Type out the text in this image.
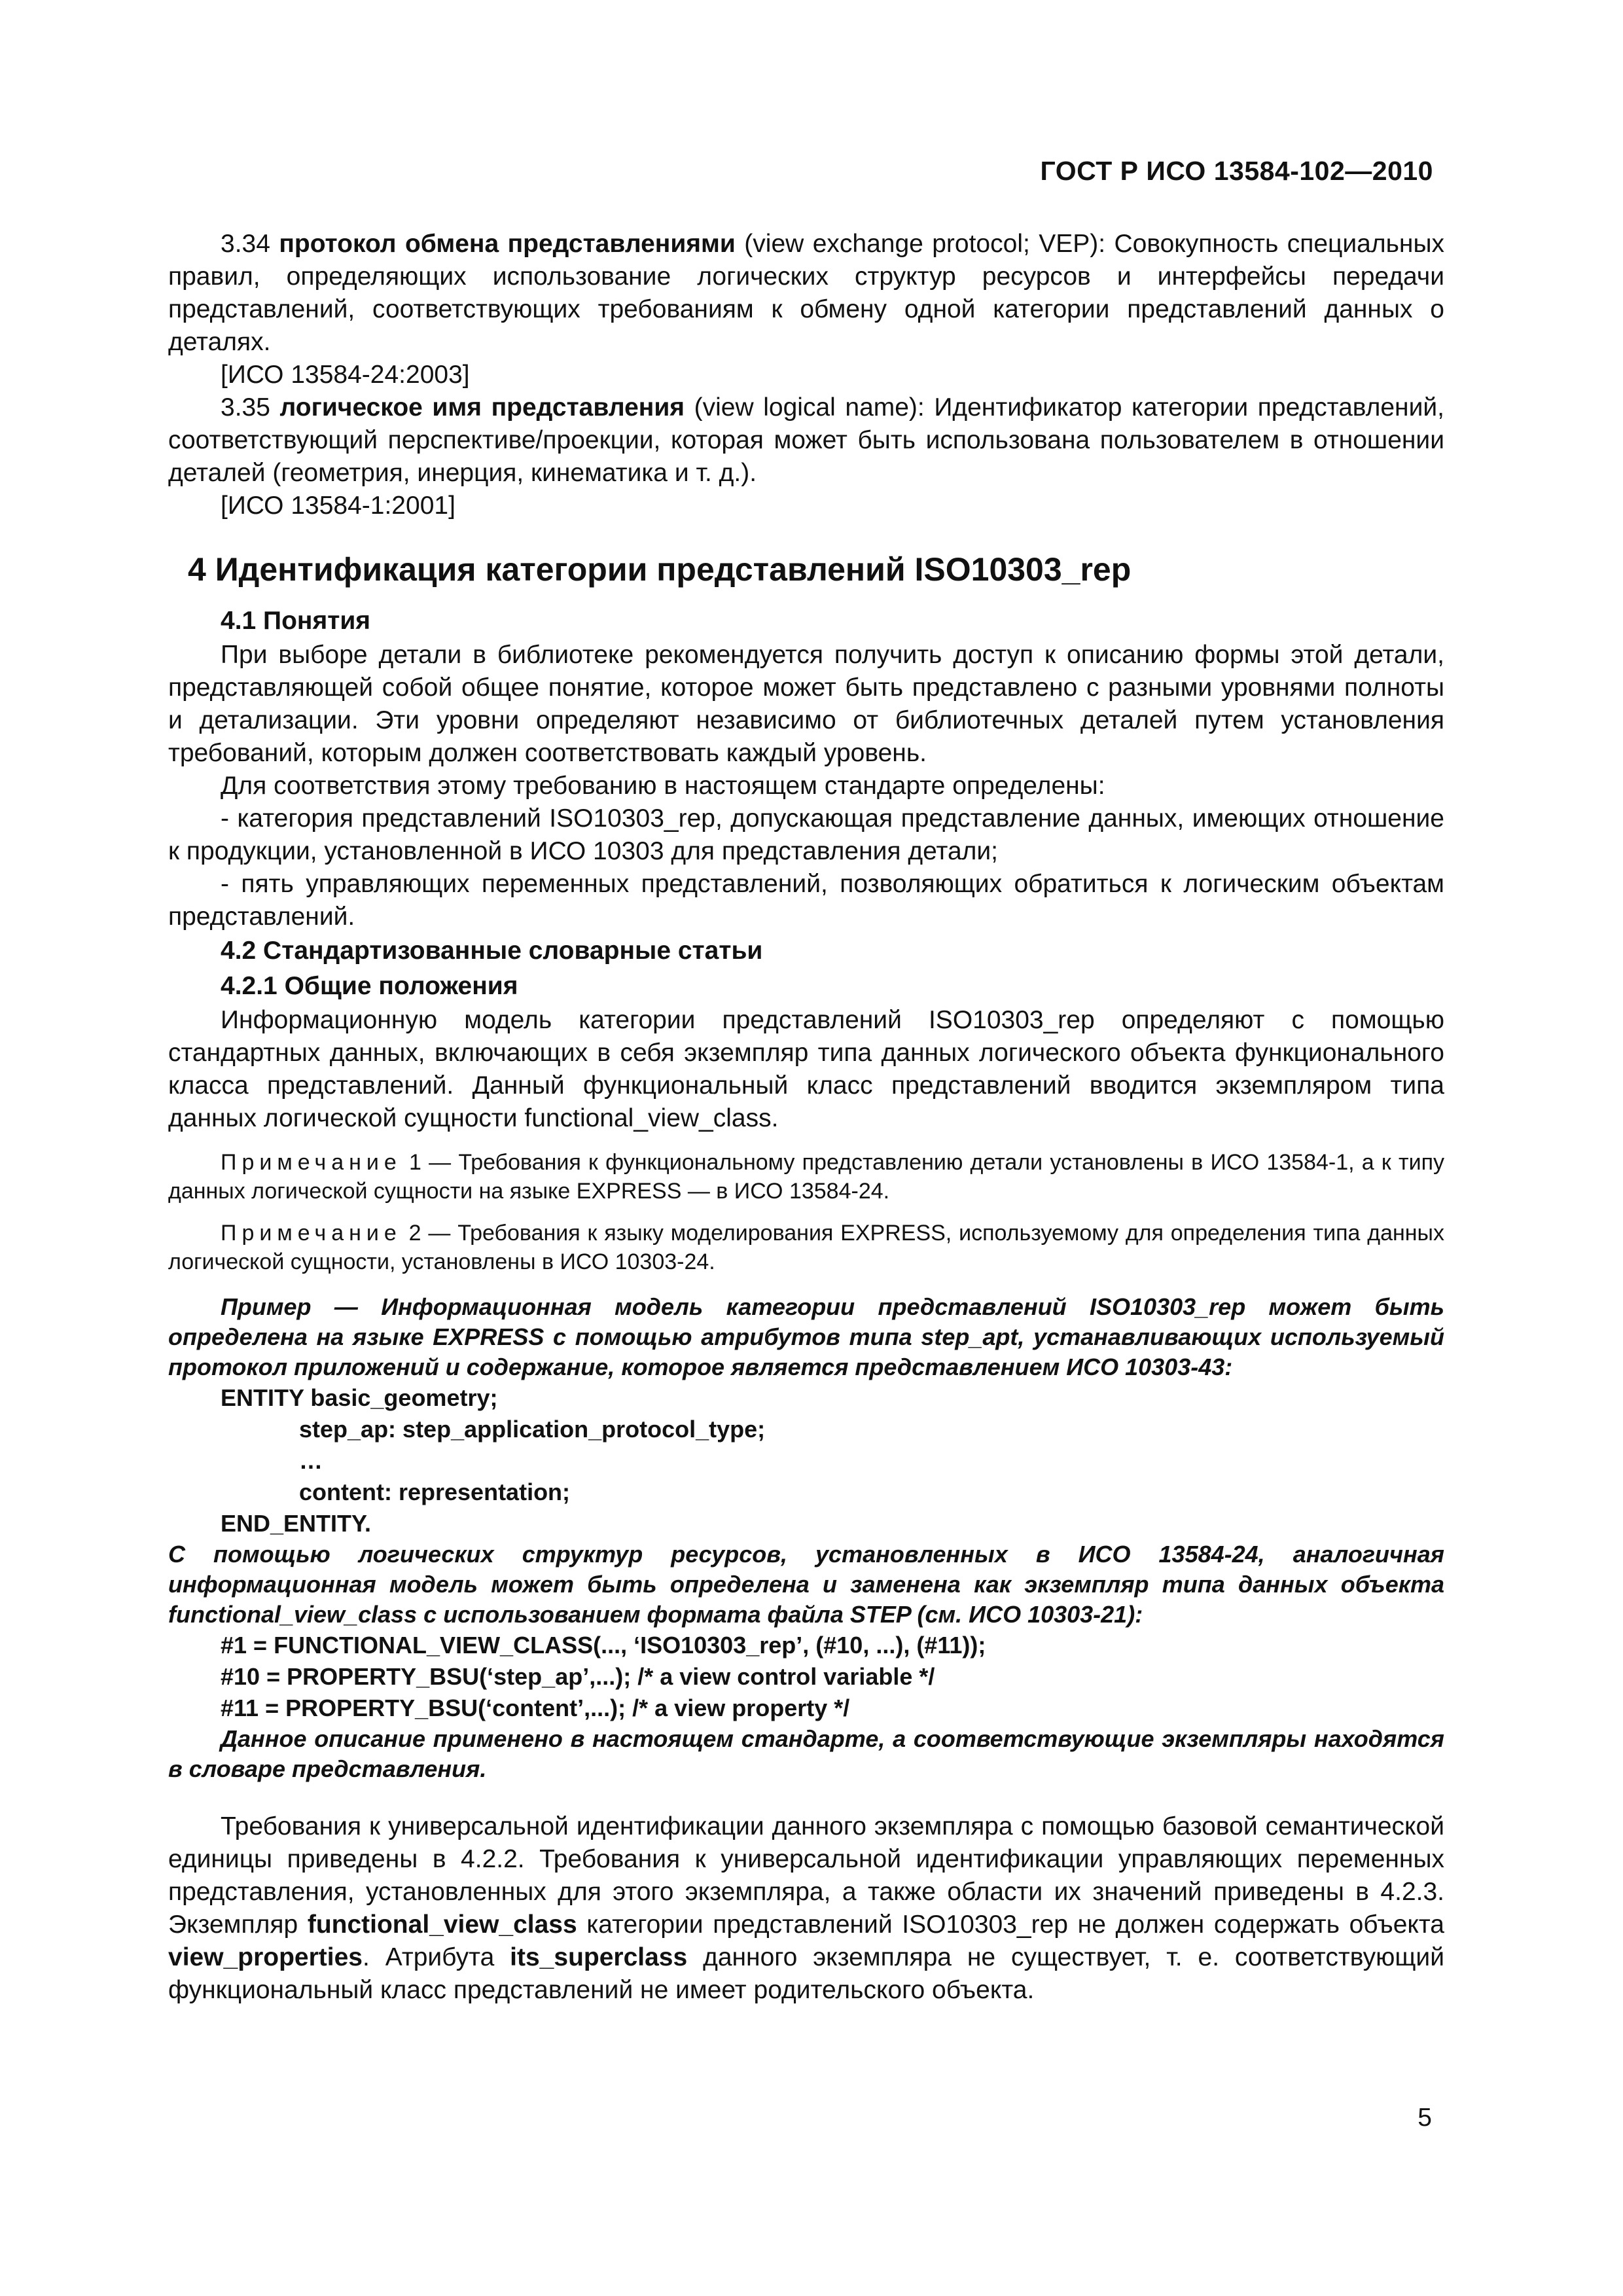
ГОСТ Р ИСО 13584-102—2010

3.34 протокол обмена представлениями (view exchange protocol; VEP): Совокупность специальных правил, определяющих использование логических структур ресурсов и интерфейсы передачи представлений, соответствующих требованиям к обмену одной категории представлений данных о деталях.

[ИСО 13584-24:2003]

3.35 логическое имя представления (view logical name): Идентификатор категории представлений, соответствующий перспективе/проекции, которая может быть использована пользователем в отношении деталей (геометрия, инерция, кинематика и т. д.).

[ИСО 13584-1:2001]

4 Идентификация категории представлений ISO10303_rep
4.1 Понятия

При выборе детали в библиотеке рекомендуется получить доступ к описанию формы этой детали, представляющей собой общее понятие, которое может быть представлено с разными уровнями полноты и детализации. Эти уровни определяют независимо от библиотечных деталей путем установления требований, которым должен соответствовать каждый уровень.

Для соответствия этому требованию в настоящем стандарте определены:

- категория представлений ISO10303_rep, допускающая представление данных, имеющих отношение к продукции, установленной в ИСО 10303 для представления детали;

- пять управляющих переменных представлений, позволяющих обратиться к логическим объектам представлений.

4.2 Стандартизованные словарные статьи
4.2.1 Общие положения

Информационную модель категории представлений ISO10303_rep определяют с помощью стандартных данных, включающих в себя экземпляр типа данных логического объекта функционального класса представлений. Данный функциональный класс представлений вводится экземпляром типа данных логической сущности functional_view_class.

Примечание 1 — Требования к функциональному представлению детали установлены в ИСО 13584-1, а к типу данных логической сущности на языке EXPRESS — в ИСО 13584-24.

Примечание 2 — Требования к языку моделирования EXPRESS, используемому для определения типа данных логической сущности, установлены в ИСО 10303-24.

Пример — Информационная модель категории представлений ISO10303_rep может быть определена на языке EXPRESS с помощью атрибутов типа step_apt, устанавливающих используемый протокол приложений и содержание, которое является представлением ИСО 10303-43:

ENTITY basic_geometry;
step_ap: step_application_protocol_type;
…
content: representation;
END_ENTITY.

С помощью логических структур ресурсов, установленных в ИСО 13584-24, аналогичная информационная модель может быть определена и заменена как экземпляр типа данных объекта functional_view_class с использованием формата файла STEP (см. ИСО 10303-21):

#1 = FUNCTIONAL_VIEW_CLASS(..., ‘ISO10303_rep’, (#10, ...), (#11));
#10 = PROPERTY_BSU(‘step_ap’,...); /* a view control variable */
#11 = PROPERTY_BSU(‘content’,...); /* a view property */

Данное описание применено в настоящем стандарте, а соответствующие экземпляры находятся в словаре представления.

Требования к универсальной идентификации данного экземпляра с помощью базовой семантической единицы приведены в 4.2.2. Требования к универсальной идентификации управляющих переменных представления, установленных для этого экземпляра, а также области их значений приведены в 4.2.3. Экземпляр functional_view_class категории представлений ISO10303_rep не должен содержать объекта view_properties. Атрибута its_superclass данного экземпляра не существует, т. е. соответствующий функциональный класс представлений не имеет родительского объекта.

5
